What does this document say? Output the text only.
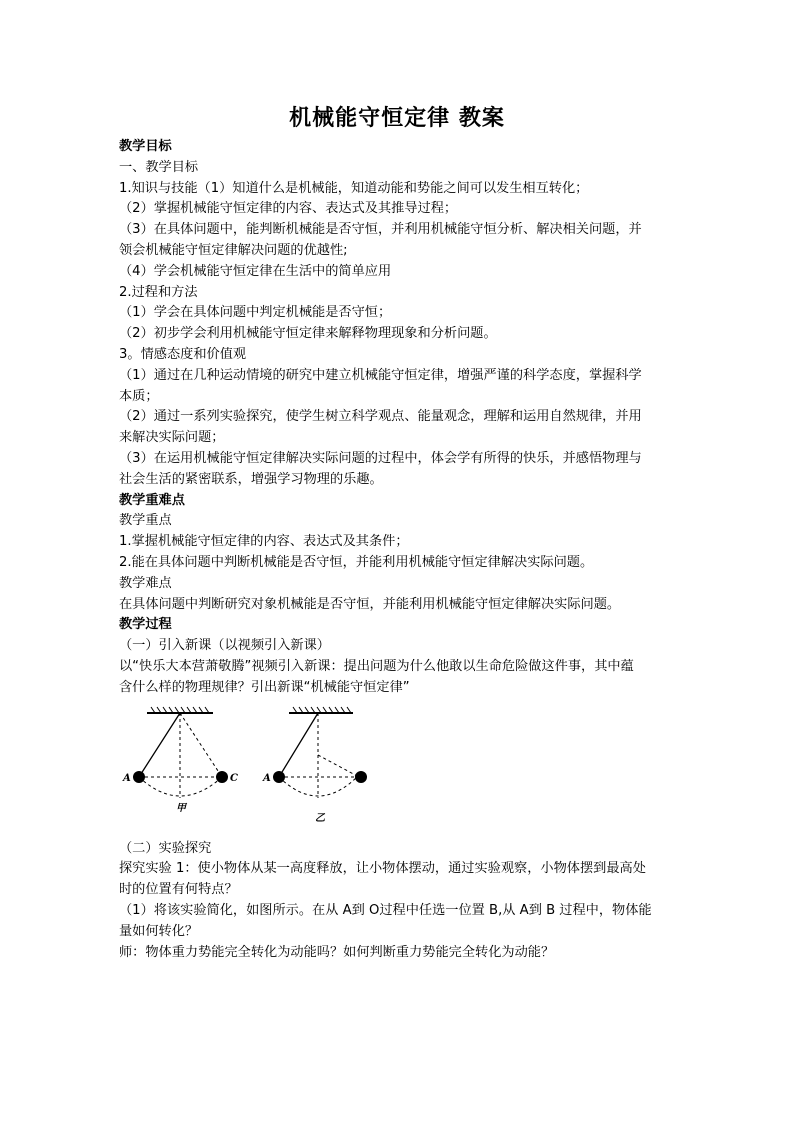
机械能守恒定律 教案

教学目标

一、教学目标

1.知识与技能（1）知道什么是机械能，知道动能和势能之间可以发生相互转化；

（2）掌握机械能守恒定律的内容、表达式及其推导过程；

（3）在具体问题中，能判断机械能是否守恒，并利用机械能守恒分析、解决相关问题，并

领会机械能守恒定律解决问题的优越性;

（4）学会机械能守恒定律在生活中的简单应用

2.过程和方法

（1）学会在具体问题中判定机械能是否守恒；

（2）初步学会利用机械能守恒定律来解释物理现象和分析问题。

3。情感态度和价值观

（1）通过在几种运动情境的研究中建立机械能守恒定律，增强严谨的科学态度，掌握科学

本质；

（2）通过一系列实验探究，使学生树立科学观点、能量观念，理解和运用自然规律，并用

来解决实际问题；

（3）在运用机械能守恒定律解决实际问题的过程中，体会学有所得的快乐，并感悟物理与

社会生活的紧密联系，增强学习物理的乐趣。

教学重难点

教学重点

1.掌握机械能守恒定律的内容、表达式及其条件；

2.能在具体问题中判断机械能是否守恒，并能利用机械能守恒定律解决实际问题。

教学难点

在具体问题中判断研究对象机械能是否守恒，并能利用机械能守恒定律解决实际问题。

教学过程

（一）引入新课（以视频引入新课）

以“快乐大本营萧敬腾”视频引入新课：提出问题为什么他敢以生命危险做这件事，其中蕴

含什么样的物理规律？引出新课“机械能守恒定律”

A	C
甲
A
乙

（二）实验探究

探究实验 1：使小物体从某一高度释放，让小物体摆动，通过实验观察，小物体摆到最高处

时的位置有何特点？

（1）将该实验简化，如图所示。在从 A到 O过程中任选一位置 B,从 A到 B 过程中，物体能

量如何转化？

师：物体重力势能完全转化为动能吗？如何判断重力势能完全转化为动能？
